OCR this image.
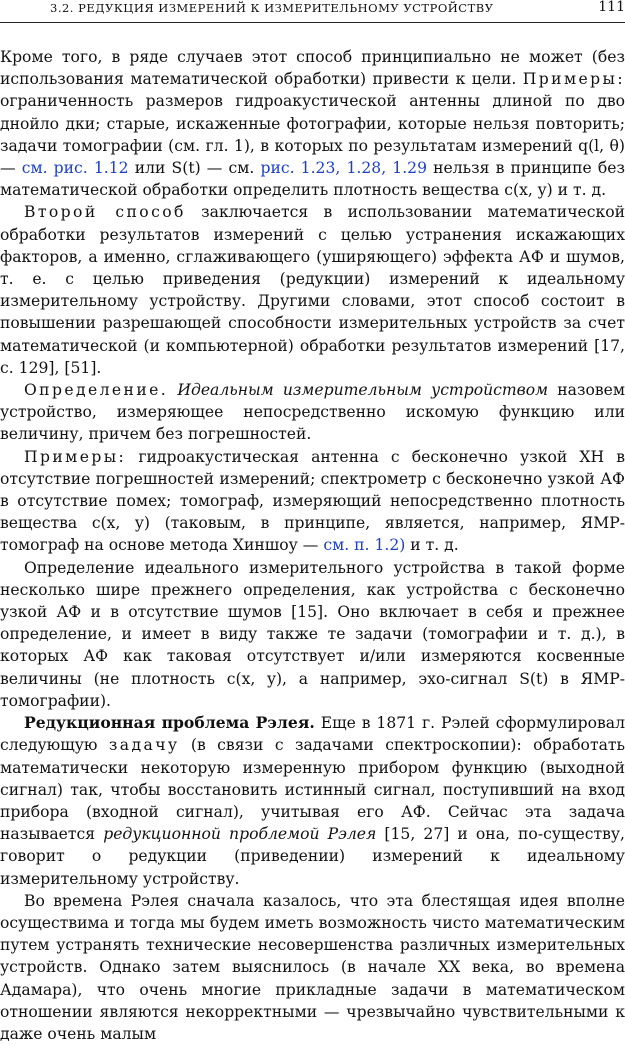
3.2. РЕДУКЦИЯ ИЗМЕРЕНИЙ К ИЗМЕРИТЕЛЬНОМУ УСТРОЙСТВУ	111

Кроме того, в ряде случаев этот способ принципиально не может (без использования математической обработки) привести к цели. Примеры: ограниченность размеров гидроакустической антенны длиной по дво днойло дки; старые, искаженные фотографии, которые нельзя повторить; задачи томографии (см. гл. 1), в которых по результатам измерений q(l, θ) — см. рис. 1.12 или S(t) — см. рис. 1.23, 1.28, 1.29 нельзя в принципе без математической обработки определить плотность вещества c(x, y) и т. д.

Второй способ заключается в использовании математической обработки результатов измерений с целью устранения искажающих факторов, а именно, сглаживающего (уширяющего) эффекта АФ и шумов, т. е. с целью приведения (редукции) измерений к идеальному измерительному устройству. Другими словами, этот способ состоит в повышении разрешающей способности измерительных устройств за счет математической (и компьютерной) обработки результатов измерений [17, с. 129], [51].

Определение. Идеальным измерительным устройством назовем устройство, измеряющее непосредственно искомую функцию или величину, причем без погрешностей.

Примеры: гидроакустическая антенна с бесконечно узкой ХН в отсутствие погрешностей измерений; спектрометр с бесконечно узкой АФ в отсутствие помех; томограф, измеряющий непосредственно плотность вещества c(x, y) (таковым, в принципе, является, например, ЯМР-томограф на основе метода Хиншоу — см. п. 1.2) и т. д.

Определение идеального измерительного устройства в такой форме несколько шире прежнего определения, как устройства с бесконечно узкой АФ и в отсутствие шумов [15]. Оно включает в себя и прежнее определение, и имеет в виду также те задачи (томографии и т. д.), в которых АФ как таковая отсутствует и/или измеряются косвенные величины (не плотность c(x, y), а например, эхо-сигнал S(t) в ЯМР-томографии).

Редукционная проблема Рэлея. Еще в 1871 г. Рэлей сформулировал следующую задачу (в связи с задачами спектроскопии): обработать математически некоторую измеренную прибором функцию (выходной сигнал) так, чтобы восстановить истинный сигнал, поступивший на вход прибора (входной сигнал), учитывая его АФ. Сейчас эта задача называется редукционной проблемой Рэлея [15, 27] и она, по-существу, говорит о редукции (приведении) измерений к идеальному измерительному устройству.

Во времена Рэлея сначала казалось, что эта блестящая идея вполне осуществима и тогда мы будем иметь возможность чисто математическим путем устранять технические несовершенства различных измерительных устройств. Однако затем выяснилось (в начале XX века, во времена Адамара), что очень многие прикладные задачи в математическом отношении являются некорректными — чрезвычайно чувствительными к даже очень малым
